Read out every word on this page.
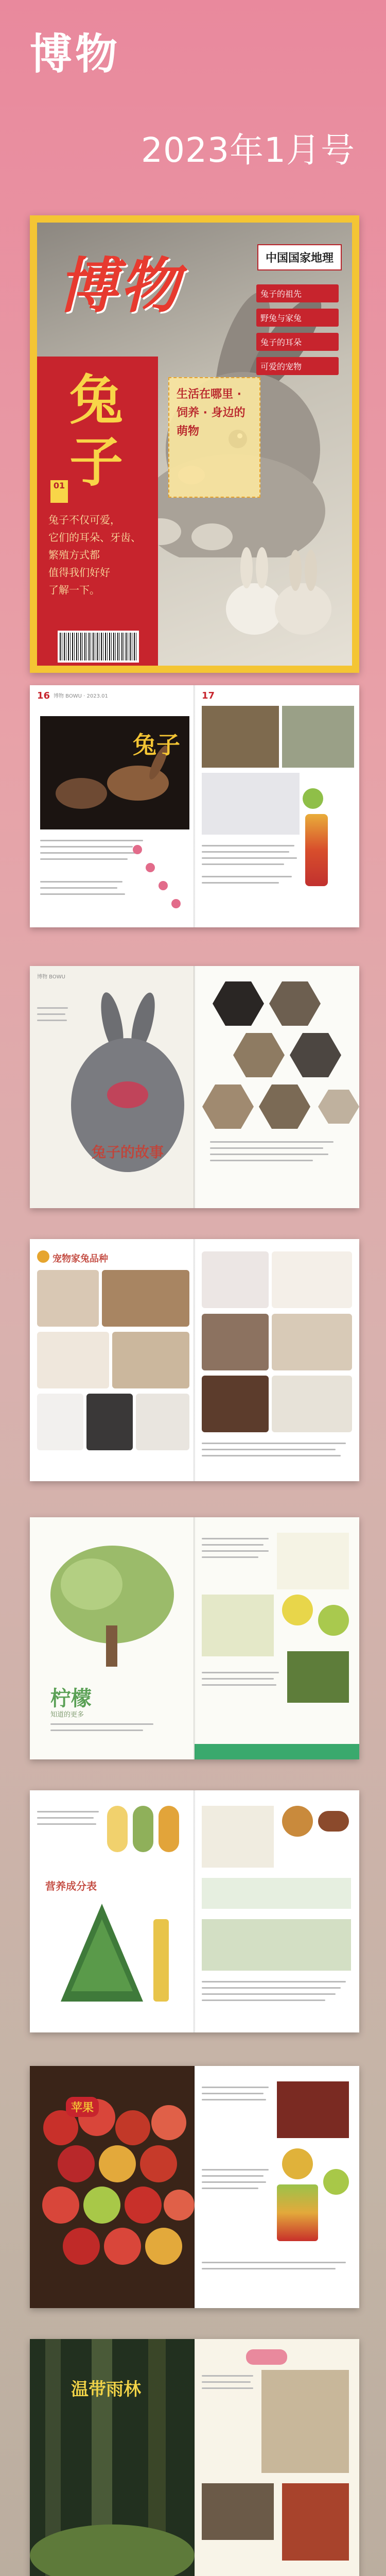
博物
2023年1月号
博物	中国国家地理
兔子
01
兔子不仅可爱，
它们的耳朵、牙齿、
繁殖方式都
值得我们好好
了解一下。
生活在哪里 · 饲养 · 身边的萌物
兔子的祖先
野兔与家兔
兔子的耳朵
可爱的宠物
16 博物 BOWU · 2023.01
兔子
17
博物 BOWU
兔子的故事
宠物家兔品种
柠檬
知道的更多
营养成分表
苹果
温带雨林
